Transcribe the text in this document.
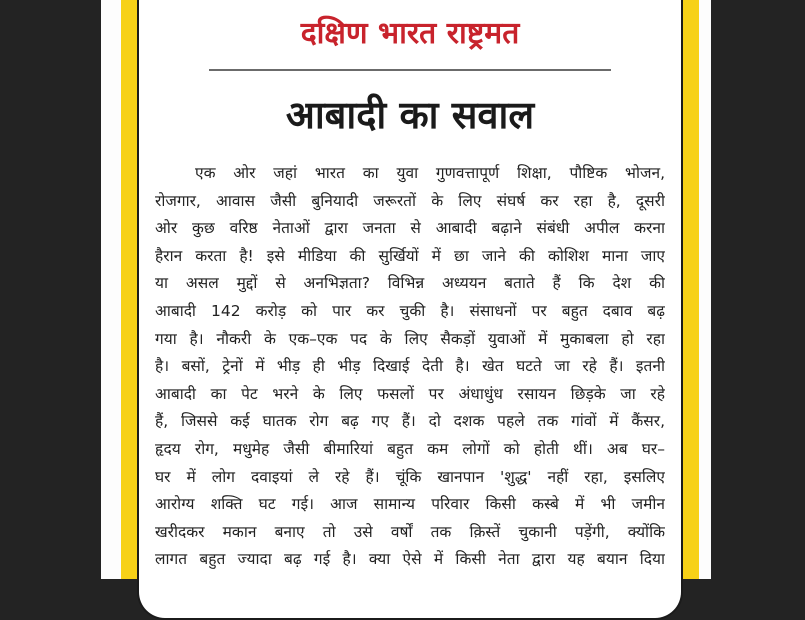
दक्षिण भारत राष्ट्रमत
आबादी का सवाल
एक ओर जहां भारत का युवा गुणवत्तापूर्ण शिक्षा, पौष्टिक भोजन,
रोजगार, आवास जैसी बुनियादी जरूरतों के लिए संघर्ष कर रहा है, दूसरी
ओर कुछ वरिष्ठ नेताओं द्वारा जनता से आबादी बढ़ाने संबंधी अपील करना
हैरान करता है! इसे मीडिया की सुर्खियों में छा जाने की कोशिश माना जाए
या असल मुद्दों से अनभिज्ञता? विभिन्न अध्ययन बताते हैं कि देश की
आबादी 142 करोड़ को पार कर चुकी है। संसाधनों पर बहुत दबाव बढ़
गया है। नौकरी के एक–एक पद के लिए सैकड़ों युवाओं में मुकाबला हो रहा
है। बसों, ट्रेनों में भीड़ ही भीड़ दिखाई देती है। खेत घटते जा रहे हैं। इतनी
आबादी का पेट भरने के लिए फसलों पर अंधाधुंध रसायन छिड़के जा रहे
हैं, जिससे कई घातक रोग बढ़ गए हैं। दो दशक पहले तक गांवों में कैंसर,
हृदय रोग, मधुमेह जैसी बीमारियां बहुत कम लोगों को होती थीं। अब घर–
घर में लोग दवाइयां ले रहे हैं। चूंकि खानपान 'शुद्ध' नहीं रहा, इसलिए
आरोग्य शक्ति घट गई। आज सामान्य परिवार किसी कस्बे में भी जमीन
खरीदकर मकान बनाए तो उसे वर्षों तक क़िस्तें चुकानी पड़ेंगी, क्योंकि
लागत बहुत ज्यादा बढ़ गई है। क्या ऐसे में किसी नेता द्वारा यह बयान दिया
